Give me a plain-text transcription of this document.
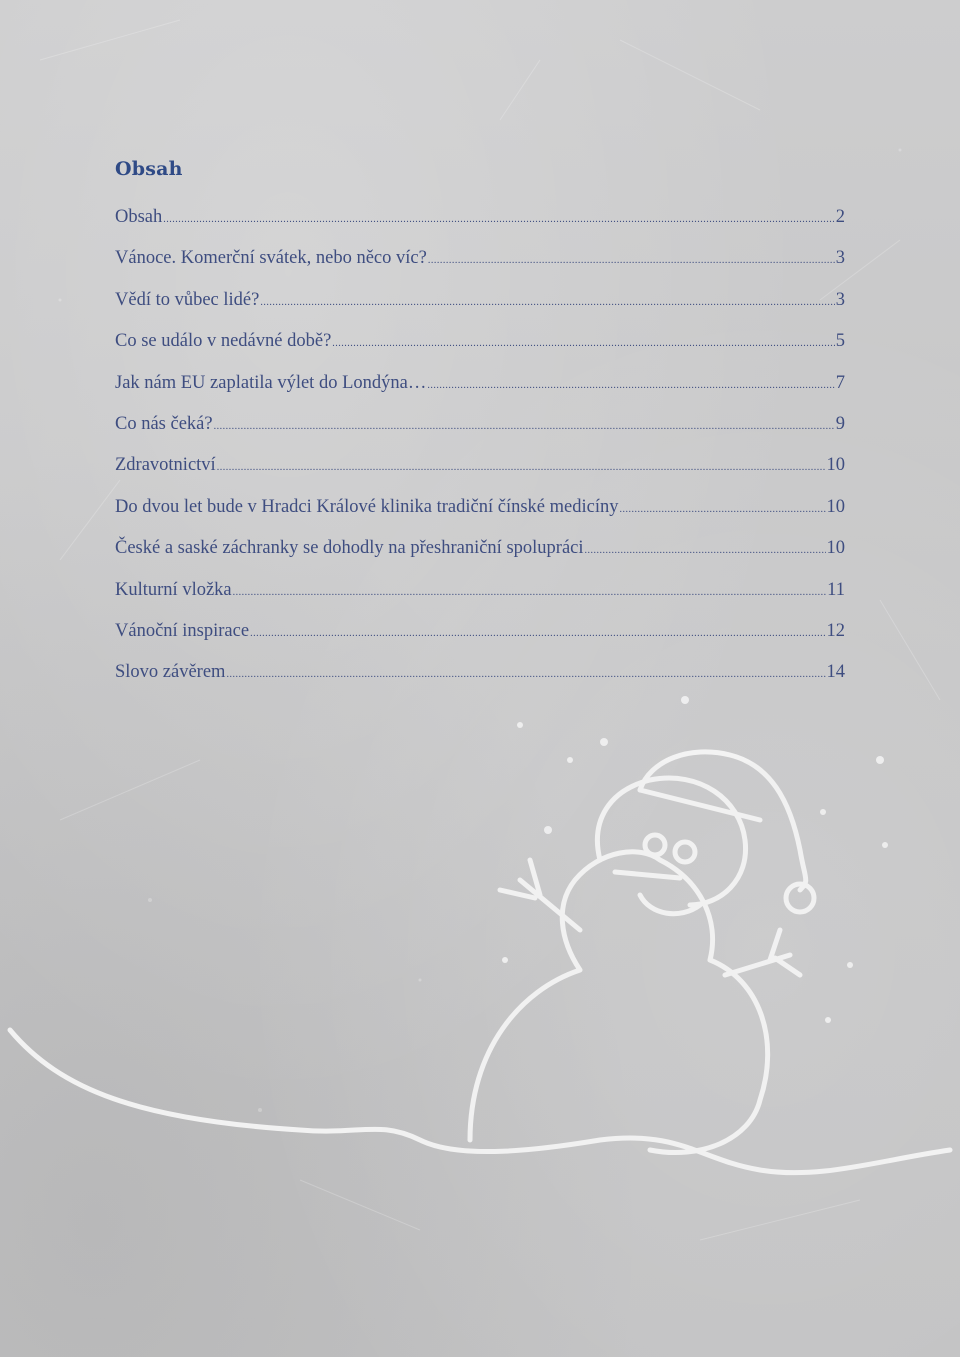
Obsah
Obsah .....	2
Vánoce. Komerční svátek, nebo něco víc? .....	3
Vědí to vůbec lidé? .....	3
Co se událo v nedávné době? .....	5
Jak nám EU zaplatila výlet do Londýna… .....	7
Co nás čeká? .....	9
Zdravotnictví .....	10
Do dvou let bude v Hradci Králové klinika tradiční čínské medicíny .....	10
České a saské záchranky se dohodly na přeshraniční spolupráci .....	10
Kulturní vložka .....	11
Vánoční inspirace .....	12
Slovo závěrem .....	14
